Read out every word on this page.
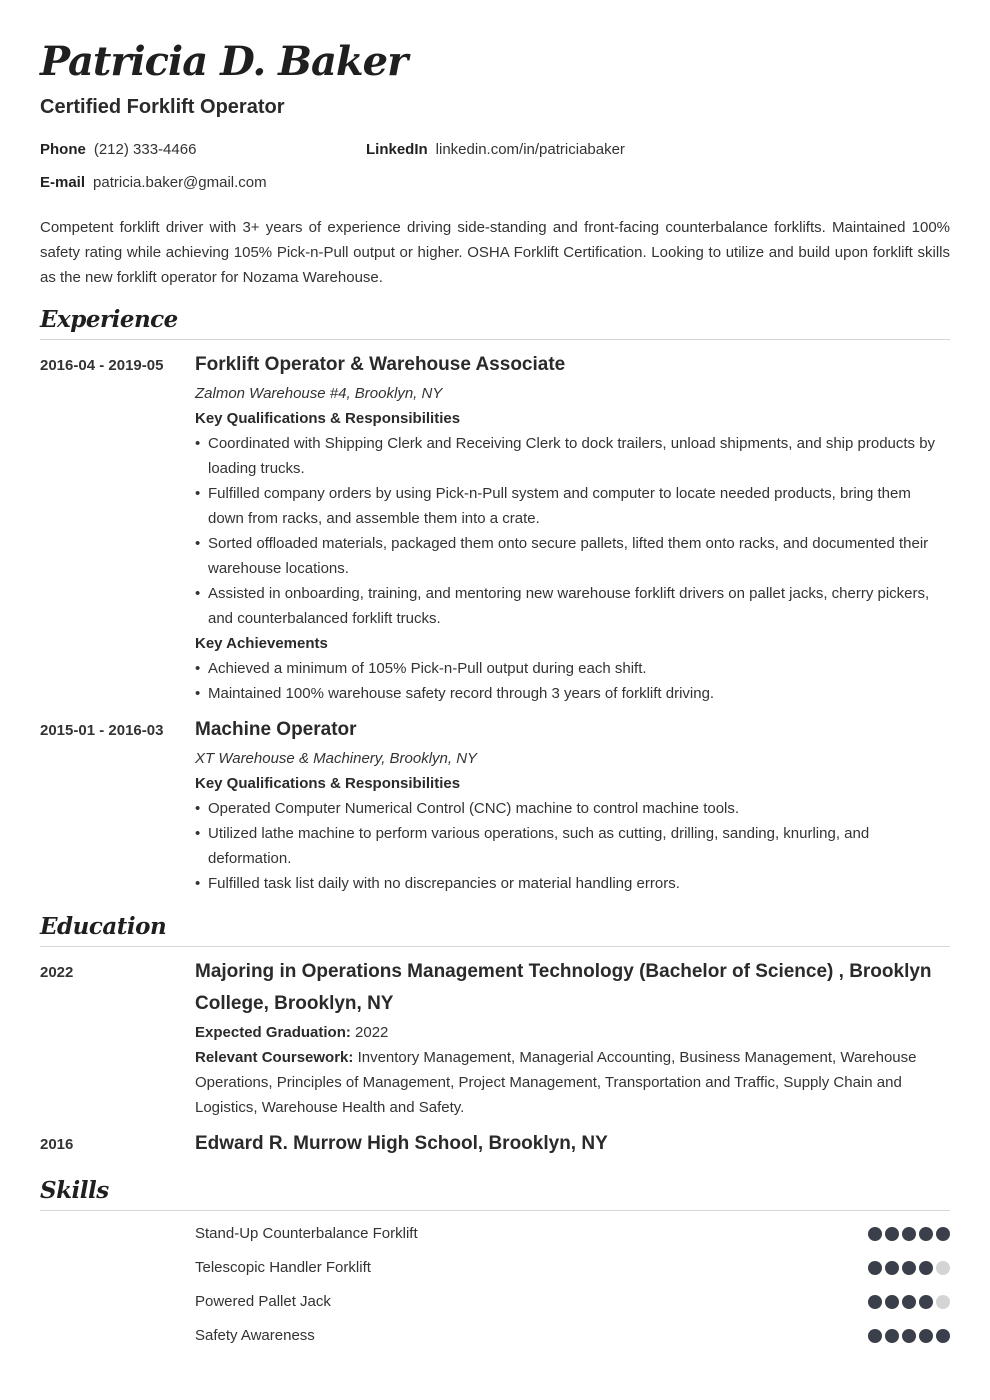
Patricia D. Baker
Certified Forklift Operator
Phone (212) 333-4466	LinkedIn linkedin.com/in/patriciabaker
E-mail patricia.baker@gmail.com

Competent forklift driver with 3+ years of experience driving side-standing and front-facing counterbalance forklifts. Maintained 100% safety rating while achieving 105% Pick-n-Pull output or higher. OSHA Forklift Certification. Looking to utilize and build upon forklift skills as the new forklift operator for Nozama Warehouse.

Experience
2016-04 - 2019-05 Forklift Operator & Warehouse Associate
Zalmon Warehouse #4, Brooklyn, NY
Key Qualifications & Responsibilities
• Coordinated with Shipping Clerk and Receiving Clerk to dock trailers, unload shipments, and ship products by loading trucks.
• Fulfilled company orders by using Pick-n-Pull system and computer to locate needed products, bring them down from racks, and assemble them into a crate.
• Sorted offloaded materials, packaged them onto secure pallets, lifted them onto racks, and documented their warehouse locations.
• Assisted in onboarding, training, and mentoring new warehouse forklift drivers on pallet jacks, cherry pickers, and counterbalanced forklift trucks.
Key Achievements
• Achieved a minimum of 105% Pick-n-Pull output during each shift.
• Maintained 100% warehouse safety record through 3 years of forklift driving.
2015-01 - 2016-03 Machine Operator
XT Warehouse & Machinery, Brooklyn, NY
Key Qualifications & Responsibilities
• Operated Computer Numerical Control (CNC) machine to control machine tools.
• Utilized lathe machine to perform various operations, such as cutting, drilling, sanding, knurling, and deformation.
• Fulfilled task list daily with no discrepancies or material handling errors.
Education
2022	Majoring in Operations Management Technology (Bachelor of Science) , Brooklyn College, Brooklyn, NY
Expected Graduation: 2022
Relevant Coursework: Inventory Management, Managerial Accounting, Business Management, Warehouse Operations, Principles of Management, Project Management, Transportation and Traffic, Supply Chain and Logistics, Warehouse Health and Safety.
2016	Edward R. Murrow High School, Brooklyn, NY
Skills
Stand-Up Counterbalance Forklift
Telescopic Handler Forklift
Powered Pallet Jack
Safety Awareness
